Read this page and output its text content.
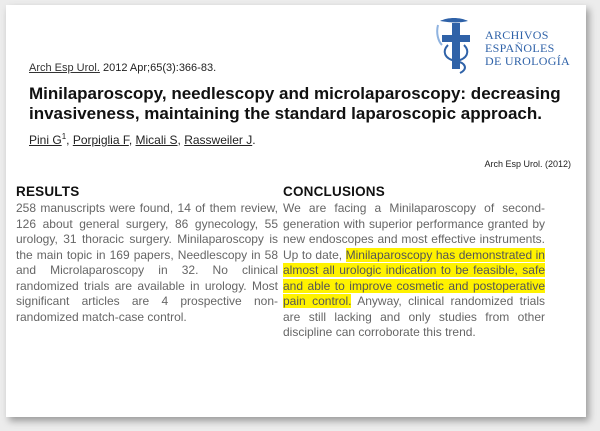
ARCHIVOS
ESPAÑOLES
DE UROLOGÍA
Arch Esp Urol. 2012 Apr;65(3):366-83.
Minilaparoscopy, needlescopy and microlaparoscopy: decreasing invasiveness, maintaining the standard laparoscopic approach.
Pini $G^1$, Porpiglia F, Micali S, Rassweiler J.
Arch Esp Urol. (2012)
RESULTS

258 manuscripts were found, 14 of them review, 126 about general surgery, 86 gynecology, 55 urology, 31 thoracic surgery. Minilaparoscopy is the main topic in 169 papers, Needlescopy in 58 and Microlaparoscopy in 32. No clinical randomized trials are available in urology. Most significant articles are 4 prospective non-randomized match-case control.

CONCLUSIONS

We are facing a Minilaparoscopy of second-generation with superior performance granted by new endoscopes and most effective instruments. Up to date, Minilaparoscopy has demonstrated in almost all urologic indication to be feasible, safe and able to improve cosmetic and postoperative pain control. Anyway, clinical randomized trials are still lacking and only studies from other discipline can corroborate this trend.
